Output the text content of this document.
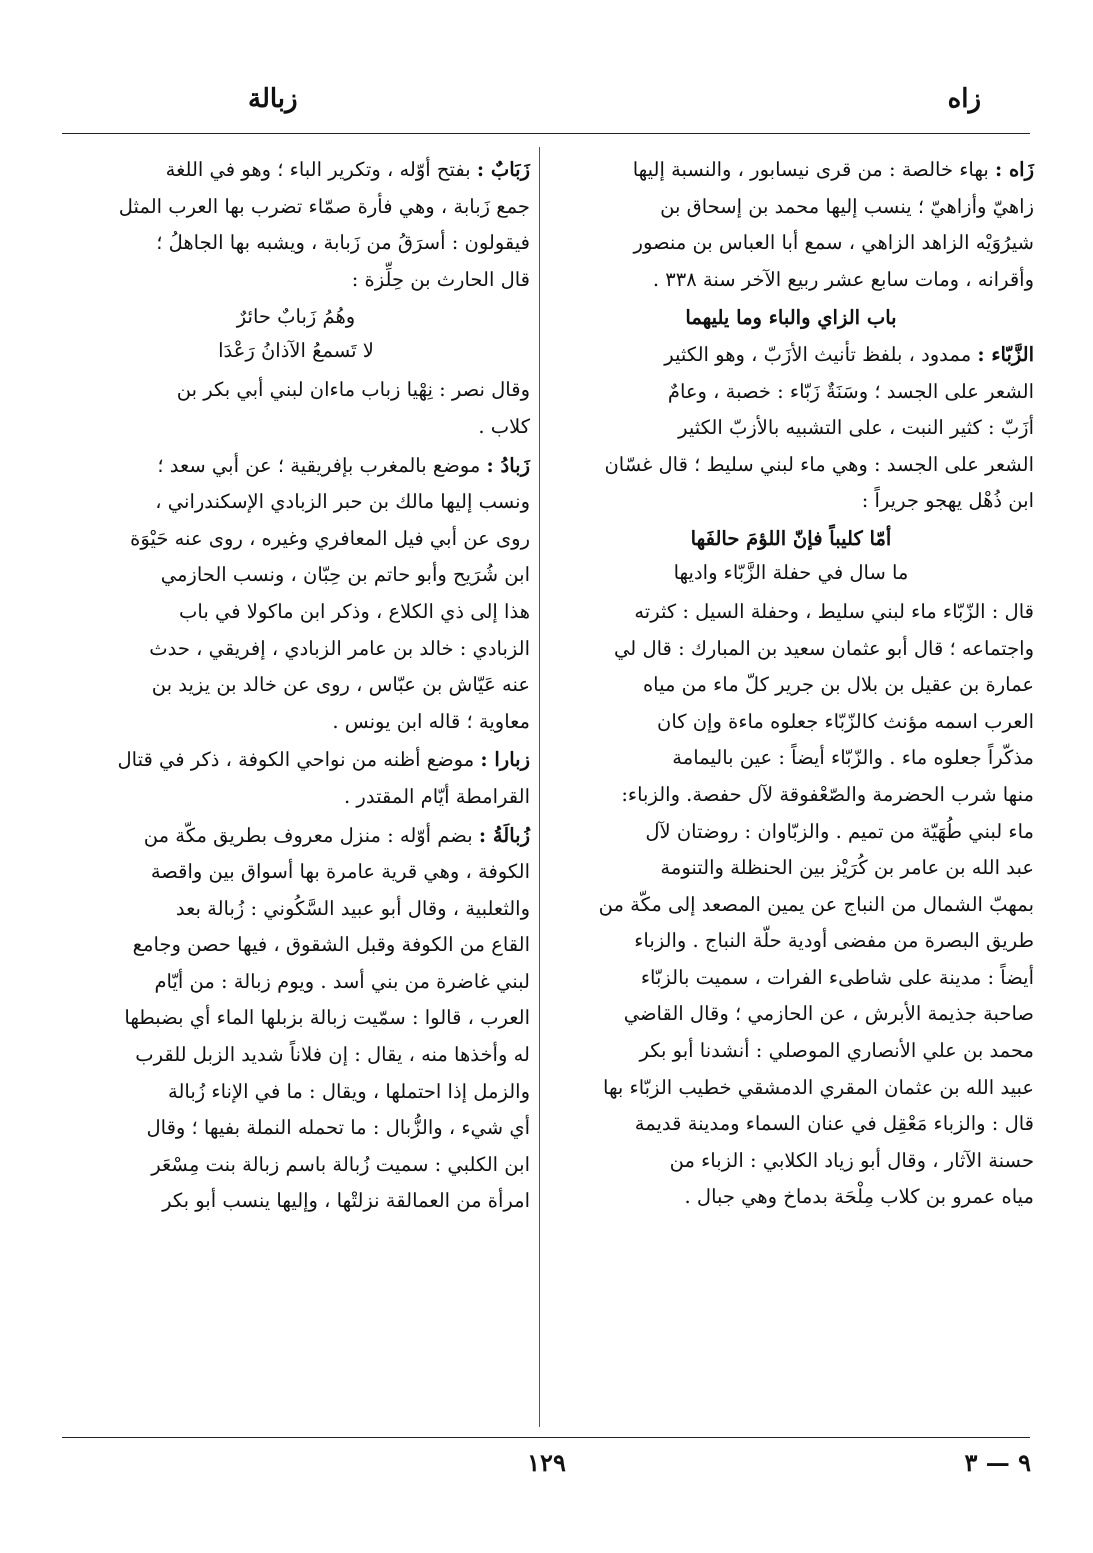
زاه
زبالة

زَاه : بهاء خالصة : من قرى نيسابور ، والنسبة إليها

زاهيّ وأزاهيّ ؛ ينسب إليها محمد بن إسحاق بن

شيرُوَيْه الزاهد الزاهي ، سمع أبا العباس بن منصور

وأقرانه ، ومات سابع عشر ربيع الآخر سنة ٣٣٨ .

باب الزاي والباء وما يليهما

الزَّبّاء : ممدود ، بلفظ تأنيث الأزَبّ ، وهو الكثير

الشعر على الجسد ؛ وسَنَةٌ زَبّاء : خصبة ، وعامٌ

أزَبّ : كثير النبت ، على التشبيه بالأزبّ الكثير

الشعر على الجسد : وهي ماء لبني سليط ؛ قال غسّان

ابن ذُهْل يهجو جريراً :

أمّا كليباً فإنّ اللؤمَ حالفَها

ما سال في حفلة الزَّبّاء واديها

قال : الزّبّاء ماء لبني سليط ، وحفلة السيل : كثرته

واجتماعه ؛ قال أبو عثمان سعيد بن المبارك : قال لي

عمارة بن عقيل بن بلال بن جرير كلّ ماء من مياه

العرب اسمه مؤنث كالزّبّاء جعلوه ماءة وإن كان

مذكّراً جعلوه ماء . والزّبّاء أيضاً : عين باليمامة

منها شرب الحضرمة والصّعْفوقة لآل حفصة. والزباء:

ماء لبني طُهَيّة من تميم . والزبّاوان : روضتان لآل

عبد الله بن عامر بن كُرَيْز بين الحنظلة والتنومة

بمهبّ الشمال من النباج عن يمين المصعد إلى مكّة من

طريق البصرة من مفضى أودية حلّة النباج . والزباء

أيضاً : مدينة على شاطىء الفرات ، سميت بالزبّاء

صاحبة جذيمة الأبرش ، عن الحازمي ؛ وقال القاضي

محمد بن علي الأنصاري الموصلي : أنشدنا أبو بكر

عبيد الله بن عثمان المقري الدمشقي خطيب الزبّاء بها

قال : والزباء مَعْقِل في عنان السماء ومدينة قديمة

حسنة الآثار ، وقال أبو زياد الكلابي : الزباء من

مياه عمرو بن كلاب مِلْحَة بدماخ وهي جبال .

زَبَابٌ : بفتح أوّله ، وتكرير الباء ؛ وهو في اللغة

جمع زَبابة ، وهي فأرة صمّاء تضرب بها العرب المثل

فيقولون : أسرَقُ من زَبابة ، ويشبه بها الجاهلُ ؛

قال الحارث بن حِلِّزة :

وهُمُ زَبابٌ حائرٌ

لا تَسمعُ الآذانُ رَعْدَا

وقال نصر : نِهْيا زباب ماءان لبني أبي بكر بن

كلاب .

زَبادُ : موضع بالمغرب بإفريقية ؛ عن أبي سعد ؛

ونسب إليها مالك بن حبر الزبادي الإسكندراني ،

روى عن أبي فيل المعافري وغيره ، روى عنه حَيْوَة

ابن شُرَيح وأبو حاتم بن حِبّان ، ونسب الحازمي

هذا إلى ذي الكلاع ، وذكر ابن ماكولا في باب

الزبادي : خالد بن عامر الزبادي ، إفريقي ، حدث

عنه عَيّاش بن عبّاس ، روى عن خالد بن يزيد بن

معاوية ؛ قاله ابن يونس .

زبارا : موضع أظنه من نواحي الكوفة ، ذكر في قتال

القرامطة أيّام المقتدر .

زُبالَةُ : بضم أوّله : منزل معروف بطريق مكّة من

الكوفة ، وهي قرية عامرة بها أسواق بين واقصة

والثعلبية ، وقال أبو عبيد السَّكُوني : زُبالة بعد

القاع من الكوفة وقبل الشقوق ، فيها حصن وجامع

لبني غاضرة من بني أسد . ويوم زبالة : من أيّام

العرب ، قالوا : سمّيت زبالة بزبلها الماء أي بضبطها

له وأخذها منه ، يقال : إن فلاناً شديد الزبل للقرب

والزمل إذا احتملها ، ويقال : ما في الإناء زُبالة

أي شيء ، والزُّبال : ما تحمله النملة بفيها ؛ وقال

ابن الكلبي : سميت زُبالة باسم زبالة بنت مِسْعَر

امرأة من العمالقة نزلتْها ، وإليها ينسب أبو بكر

١٢٩	٩ — ٣
